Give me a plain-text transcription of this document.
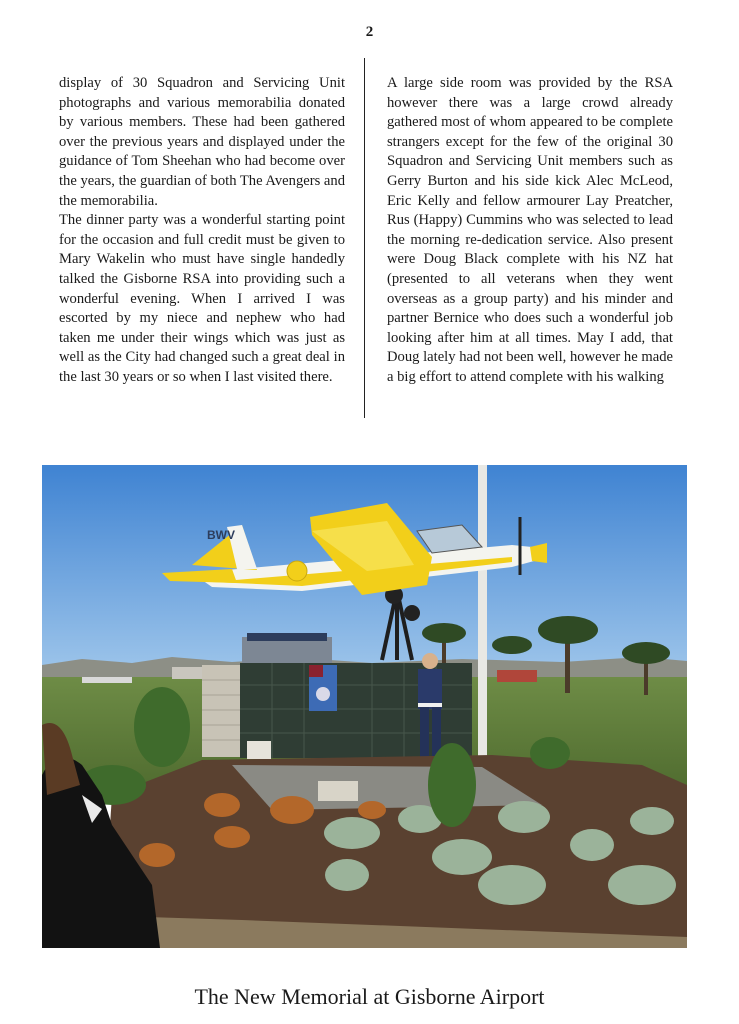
2

display of 30 Squadron and Servicing Unit photographs and various memorabilia donated by various members. These had been gathered over the previous years and displayed under the guidance of Tom Sheehan who had become over the years, the guardian of both The Avengers and the memorabilia.

The dinner party was a wonderful starting point for the occasion and full credit must be given to Mary Wakelin who must have single handedly talked the Gisborne RSA into providing such a wonderful evening. When I arrived I was escorted by my niece and nephew who had taken me under their wings which was just as well as the City had changed such a great deal in the last 30 years or so when I last visited there.

A large side room was provided by the RSA however there was a large crowd already gathered most of whom appeared to be complete strangers except for the few of the original 30 Squadron and Servicing Unit members such as Gerry Burton and his side kick Alec McLeod, Eric Kelly and fellow armourer Lay Preatcher, Rus (Happy) Cummins who was selected to lead the morning re-dedication service. Also present were Doug Black complete with his NZ hat (presented to all veterans when they went overseas as a group party) and his minder and partner Bernice who does such a wonderful job looking after him at all times. May I add, that Doug lately had not been well, however he made a big effort to attend complete with his walking

BWV
The New Memorial at Gisborne Airport
